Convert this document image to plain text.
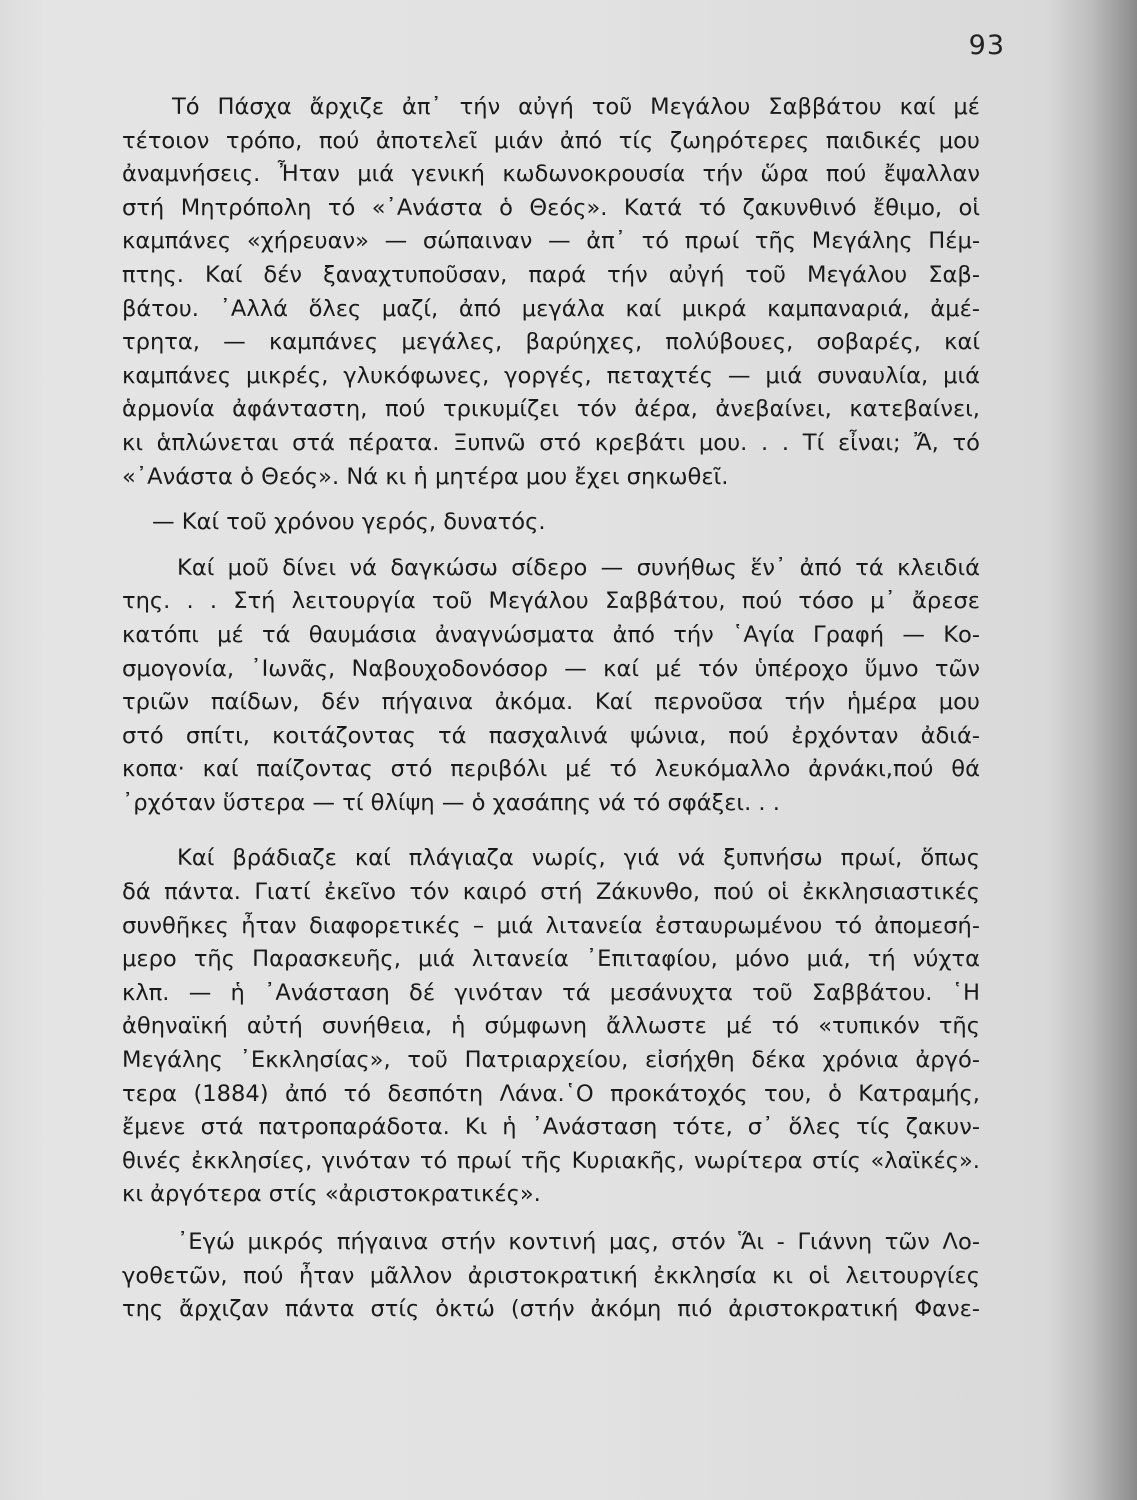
93
Τό Πάσχα ἄρχιζε ἀπ᾽ τήν αὐγή τοῦ Μεγάλου Σαββάτου καί μέ
τέτοιον τρόπο, πού ἀποτελεῖ μιάν ἀπό τίς ζωηρότερες παιδικές μου
ἀναμνήσεις. Ἦταν μιά γενική κωδωνοκρουσία τήν ὥρα πού ἔψαλλαν
στή Μητρόπολη τό «᾽Ανάστα ὁ Θεός». Κατά τό ζακυνθινό ἔθιμο, οἱ
καμπάνες «χήρευαν» — σώπαιναν — ἀπ᾽ τό πρωί τῆς Μεγάλης Πέμ-
πτης. Καί δέν ξαναχτυποῦσαν, παρά τήν αὐγή τοῦ Μεγάλου Σαβ-
βάτου. ᾽Αλλά ὅλες μαζί, ἀπό μεγάλα καί μικρά καμπαναριά, ἀμέ-
τρητα, — καμπάνες μεγάλες, βαρύηχες, πολύβουες, σοβαρές, καί
καμπάνες μικρές, γλυκόφωνες, γοργές, πεταχτές — μιά συναυλία, μιά
ἁρμονία ἀφάνταστη, πού τρικυμίζει τόν ἀέρα, ἀνεβαίνει, κατεβαίνει,
κι ἁπλώνεται στά πέρατα. Ξυπνῶ στό κρεβάτι μου. . . Τί εἶναι; Ἄ, τό
«᾽Ανάστα ὁ Θεός». Νά κι ἡ μητέρα μου ἔχει σηκωθεῖ.
— Καί τοῦ χρόνου γερός, δυνατός.
Καί μοῦ δίνει νά δαγκώσω σίδερο — συνήθως ἕν᾽ ἀπό τά κλειδιά
της. . . Στή λειτουργία τοῦ Μεγάλου Σαββάτου, πού τόσο μ᾽ ἄρεσε
κατόπι μέ τά θαυμάσια ἀναγνώσματα ἀπό τήν ῾Αγία Γραφή — Κο-
σμογονία, ᾽Ιωνᾶς, Ναβουχοδονόσορ — καί μέ τόν ὑπέροχο ὕμνο τῶν
τριῶν παίδων, δέν πήγαινα ἀκόμα. Καί περνοῦσα τήν ἡμέρα μου
στό σπίτι, κοιτάζοντας τά πασχαλινά ψώνια, πού ἐρχόνταν ἀδιά-
κοπα· καί παίζοντας στό περιβόλι μέ τό λευκόμαλλο ἀρνάκι,πού θά
᾽ρχόταν ὕστερα — τί θλίψη — ὁ χασάπης νά τό σφάξει. . .
Καί βράδιαζε καί πλάγιαζα νωρίς, γιά νά ξυπνήσω πρωί, ὅπως
δά πάντα. Γιατί ἐκεῖνο τόν καιρό στή Ζάκυνθο, πού οἱ ἐκκλησιαστικές
συνθῆκες ἦταν διαφορετικές – μιά λιτανεία ἐσταυρωμένου τό ἀπομεσή-
μερο τῆς Παρασκευῆς, μιά λιτανεία ᾽Επιταφίου, μόνο μιά, τή νύχτα
κλπ. — ἡ ᾽Ανάσταση δέ γινόταν τά μεσάνυχτα τοῦ Σαββάτου. ῾Η
ἀθηναϊκή αὐτή συνήθεια, ἡ σύμφωνη ἄλλωστε μέ τό «τυπικόν τῆς
Μεγάλης ᾽Εκκλησίας», τοῦ Πατριαρχείου, εἰσήχθη δέκα χρόνια ἀργό-
τερα (1884) ἀπό τό δεσπότη Λάνα.῾Ο προκάτοχός του, ὁ Κατραμής,
ἔμενε στά πατροπαράδοτα. Κι ἡ ᾽Ανάσταση τότε, σ᾽ ὅλες τίς ζακυν-
θινές ἐκκλησίες, γινόταν τό πρωί τῆς Κυριακῆς, νωρίτερα στίς «λαϊκές».
κι ἀργότερα στίς «ἀριστοκρατικές».
᾽Εγώ μικρός πήγαινα στήν κοντινή μας, στόν Ἅι - Γιάννη τῶν Λο-
γοθετῶν, πού ἦταν μᾶλλον ἀριστοκρατική ἐκκλησία κι οἱ λειτουργίες
της ἄρχιζαν πάντα στίς ὀκτώ (στήν ἀκόμη πιό ἀριστοκρατική Φανε-
